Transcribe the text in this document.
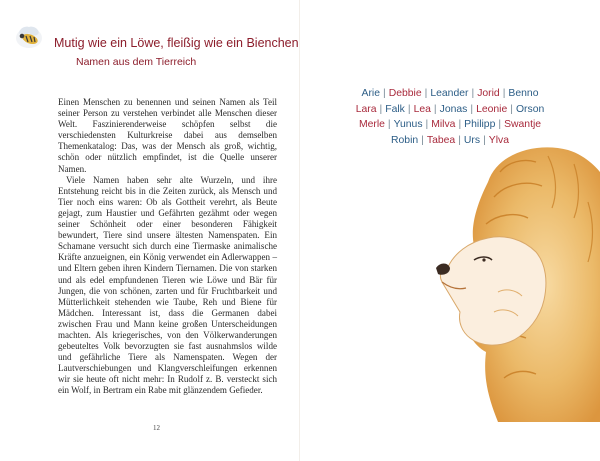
Mutig wie ein Löwe, fleißig wie ein Bienchen
Namen aus dem Tierreich

Einen Menschen zu benennen und seinen Namen als Teil seiner Person zu verstehen verbindet alle Menschen dieser Welt. Faszinierenderweise schöpfen selbst die verschiedensten Kulturkreise dabei aus demselben Themenkatalog: Das, was der Mensch als groß, wichtig, schön oder nützlich empfindet, ist die Quelle unserer Namen.

Viele Namen haben sehr alte Wurzeln, und ihre Entstehung reicht bis in die Zeiten zurück, als Mensch und Tier noch eins waren: Ob als Gottheit verehrt, als Beute gejagt, zum Haustier und Gefährten gezähmt oder wegen seiner Schönheit oder einer besonderen Fähigkeit bewundert, Tiere sind unsere ältesten Namenspaten. Ein Schamane versucht sich durch eine Tiermaske animalische Kräfte anzueignen, ein König verwendet ein Adlerwappen – und Eltern geben ihren Kindern Tiernamen. Die von starken und als edel empfundenen Tieren wie Löwe und Bär für Jungen, die von schönen, zarten und für Fruchtbarkeit und Mütterlichkeit stehenden wie Taube, Reh und Biene für Mädchen. Interessant ist, dass die Germanen dabei zwischen Frau und Mann keine großen Unterscheidungen machten. Als kriegerisches, von den Völkerwanderungen gebeuteltes Volk bevorzugten sie fast ausnahmslos wilde und gefährliche Tiere als Namenspaten. Wegen der Lautverschiebungen und Klangverschleifungen erkennen wir sie heute oft nicht mehr: In Rudolf z. B. versteckt sich ein Wolf, in Bertram ein Rabe mit glänzendem Gefieder.

12
Arie | Debbie | Leander | Jorid | Benno
Lara | Falk | Lea | Jonas | Leonie | Orson
Merle | Yunus | Milva | Philipp | Swantje
Robin | Tabea | Urs | Ylva
